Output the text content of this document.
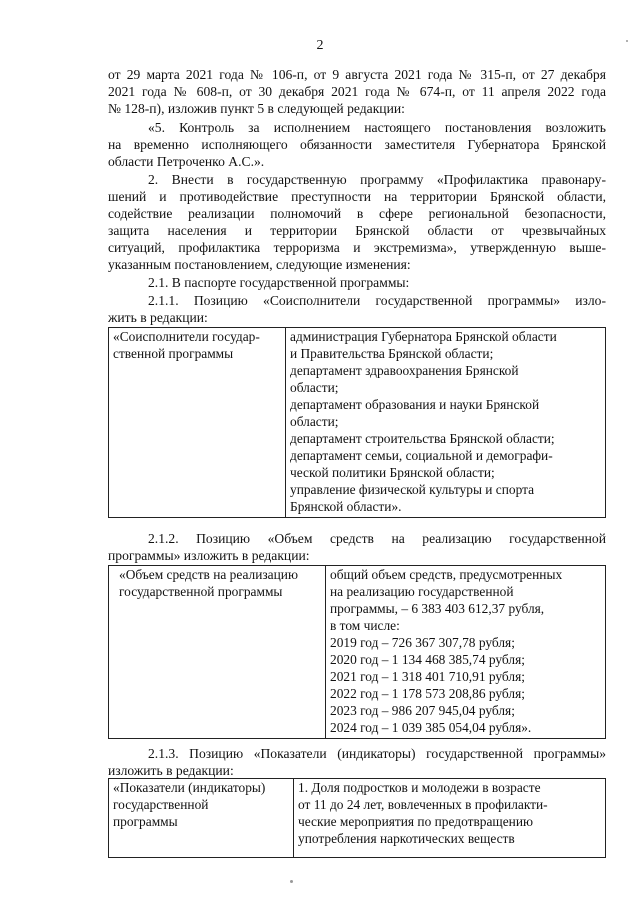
2
от 29 марта 2021 года № 106-п, от 9 августа 2021 года № 315-п, от 27 декабря
2021 года № 608-п, от 30 декабря 2021 года № 674-п, от 11 апреля 2022 года
№ 128-п), изложив пункт 5 в следующей редакции:
«5. Контроль за исполнением настоящего постановления возложить
на временно исполняющего обязанности заместителя Губернатора Брянской
области Петроченко А.С.».
2. Внести в государственную программу «Профилактика правонару-
шений и противодействие преступности на территории Брянской области,
содействие реализации полномочий в сфере региональной безопасности,
защита населения и территории Брянской области от чрезвычайных
ситуаций, профилактика терроризма и экстремизма», утвержденную выше-
указанным постановлением, следующие изменения:
2.1. В паспорте государственной программы:
2.1.1. Позицию «Соисполнители государственной программы» изло-
жить в редакции:
«Соисполнители государ-
ственной программы

администрация Губернатора Брянской области
и Правительства Брянской области;
департамент здравоохранения Брянской
области;
департамент образования и науки Брянской
области;
департамент строительства Брянской области;
департамент семьи, социальной и демографи-
ческой политики Брянской области;
управление физической культуры и спорта
Брянской области».
2.1.2. Позицию «Объем средств на реализацию государственной
программы» изложить в редакции:
«Объем средств на реализацию
государственной программы

общий объем средств, предусмотренных
на реализацию государственной
программы, – 6 383 403 612,37 рубля,
в том числе:
2019 год – 726 367 307,78 рубля;
2020 год – 1 134 468 385,74 рубля;
2021 год – 1 318 401 710,91 рубля;
2022 год – 1 178 573 208,86 рубля;
2023 год – 986 207 945,04 рубля;
2024 год – 1 039 385 054,04 рубля».
2.1.3. Позицию «Показатели (индикаторы) государственной программы»
изложить в редакции:
«Показатели (индикаторы)
государственной
программы

1. Доля подростков и молодежи в возрасте
от 11 до 24 лет, вовлеченных в профилакти-
ческие мероприятия по предотвращению
употребления наркотических веществ
